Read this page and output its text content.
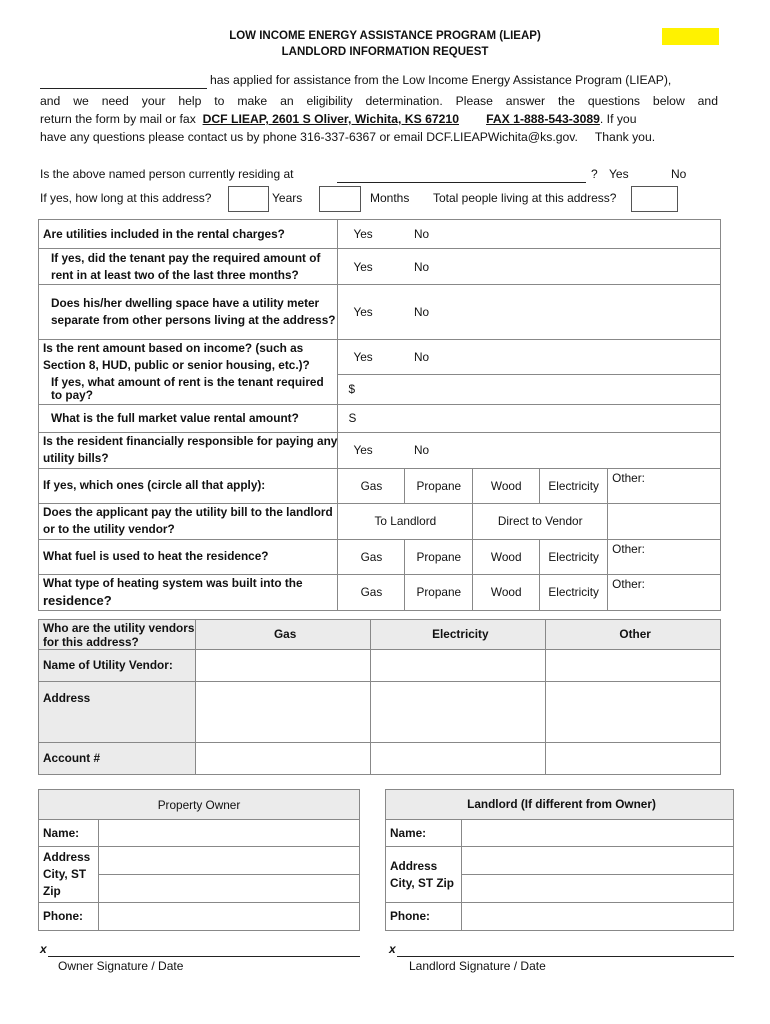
LOW INCOME ENERGY ASSISTANCE PROGRAM (LIEAP)
LANDLORD INFORMATION REQUEST
has applied for assistance from the Low Income Energy Assistance Program (LIEAP),
and we need your help to make an eligibility determination. Please answer the questions below and
return the form by mail or fax DCF LIEAP, 2601 S Oliver, Wichita, KS 67210 FAX 1-888-543-3089. If you
have any questions please contact us by phone 316-337-6367 or email DCF.LIEAPWichita@ks.gov. Thank you.
Is the above named person currently residing at	? Yes	No
If yes, how long at this address?	Years	Months Total people living at this address?
Are utilities included in the rental charges?	Yes No				
If yes, did the tenant pay the required amount of rent in at least two of the last three months?	Yes No				
Does his/her dwelling space have a utility meter separate from other persons living at the address?	Yes No				
Is the rent amount based on income? (such as Section 8, HUD, public or senior housing, etc.)?	Yes No				
If yes, what amount of rent is the tenant required to pay?	$				
What is the full market value rental amount?	S				
Is the resident financially responsible for paying any utility bills?	Yes No				
If yes, which ones (circle all that apply):	Gas	Propane	Wood	Electricity	Other:
Does the applicant pay the utility bill to the landlord or to the utility vendor?	To Landlord		Direct to Vendor		
What fuel is used to heat the residence?	Gas	Propane	Wood	Electricity	Other:

What type of heating system was built into the
residence?	Gas	Propane	Wood	Electricity	Other:
Who are the utility vendors for this address?	Gas	Electricity	Other
Name of Utility Vendor:			
Address			
Account #			
Property Owner	
Name:	
Address City, ST Zip	
Phone:	
Landlord (If different from Owner)	
Name:	
Address City, ST Zip	
Phone:	
x
Owner Signature / Date
x
Landlord Signature / Date
